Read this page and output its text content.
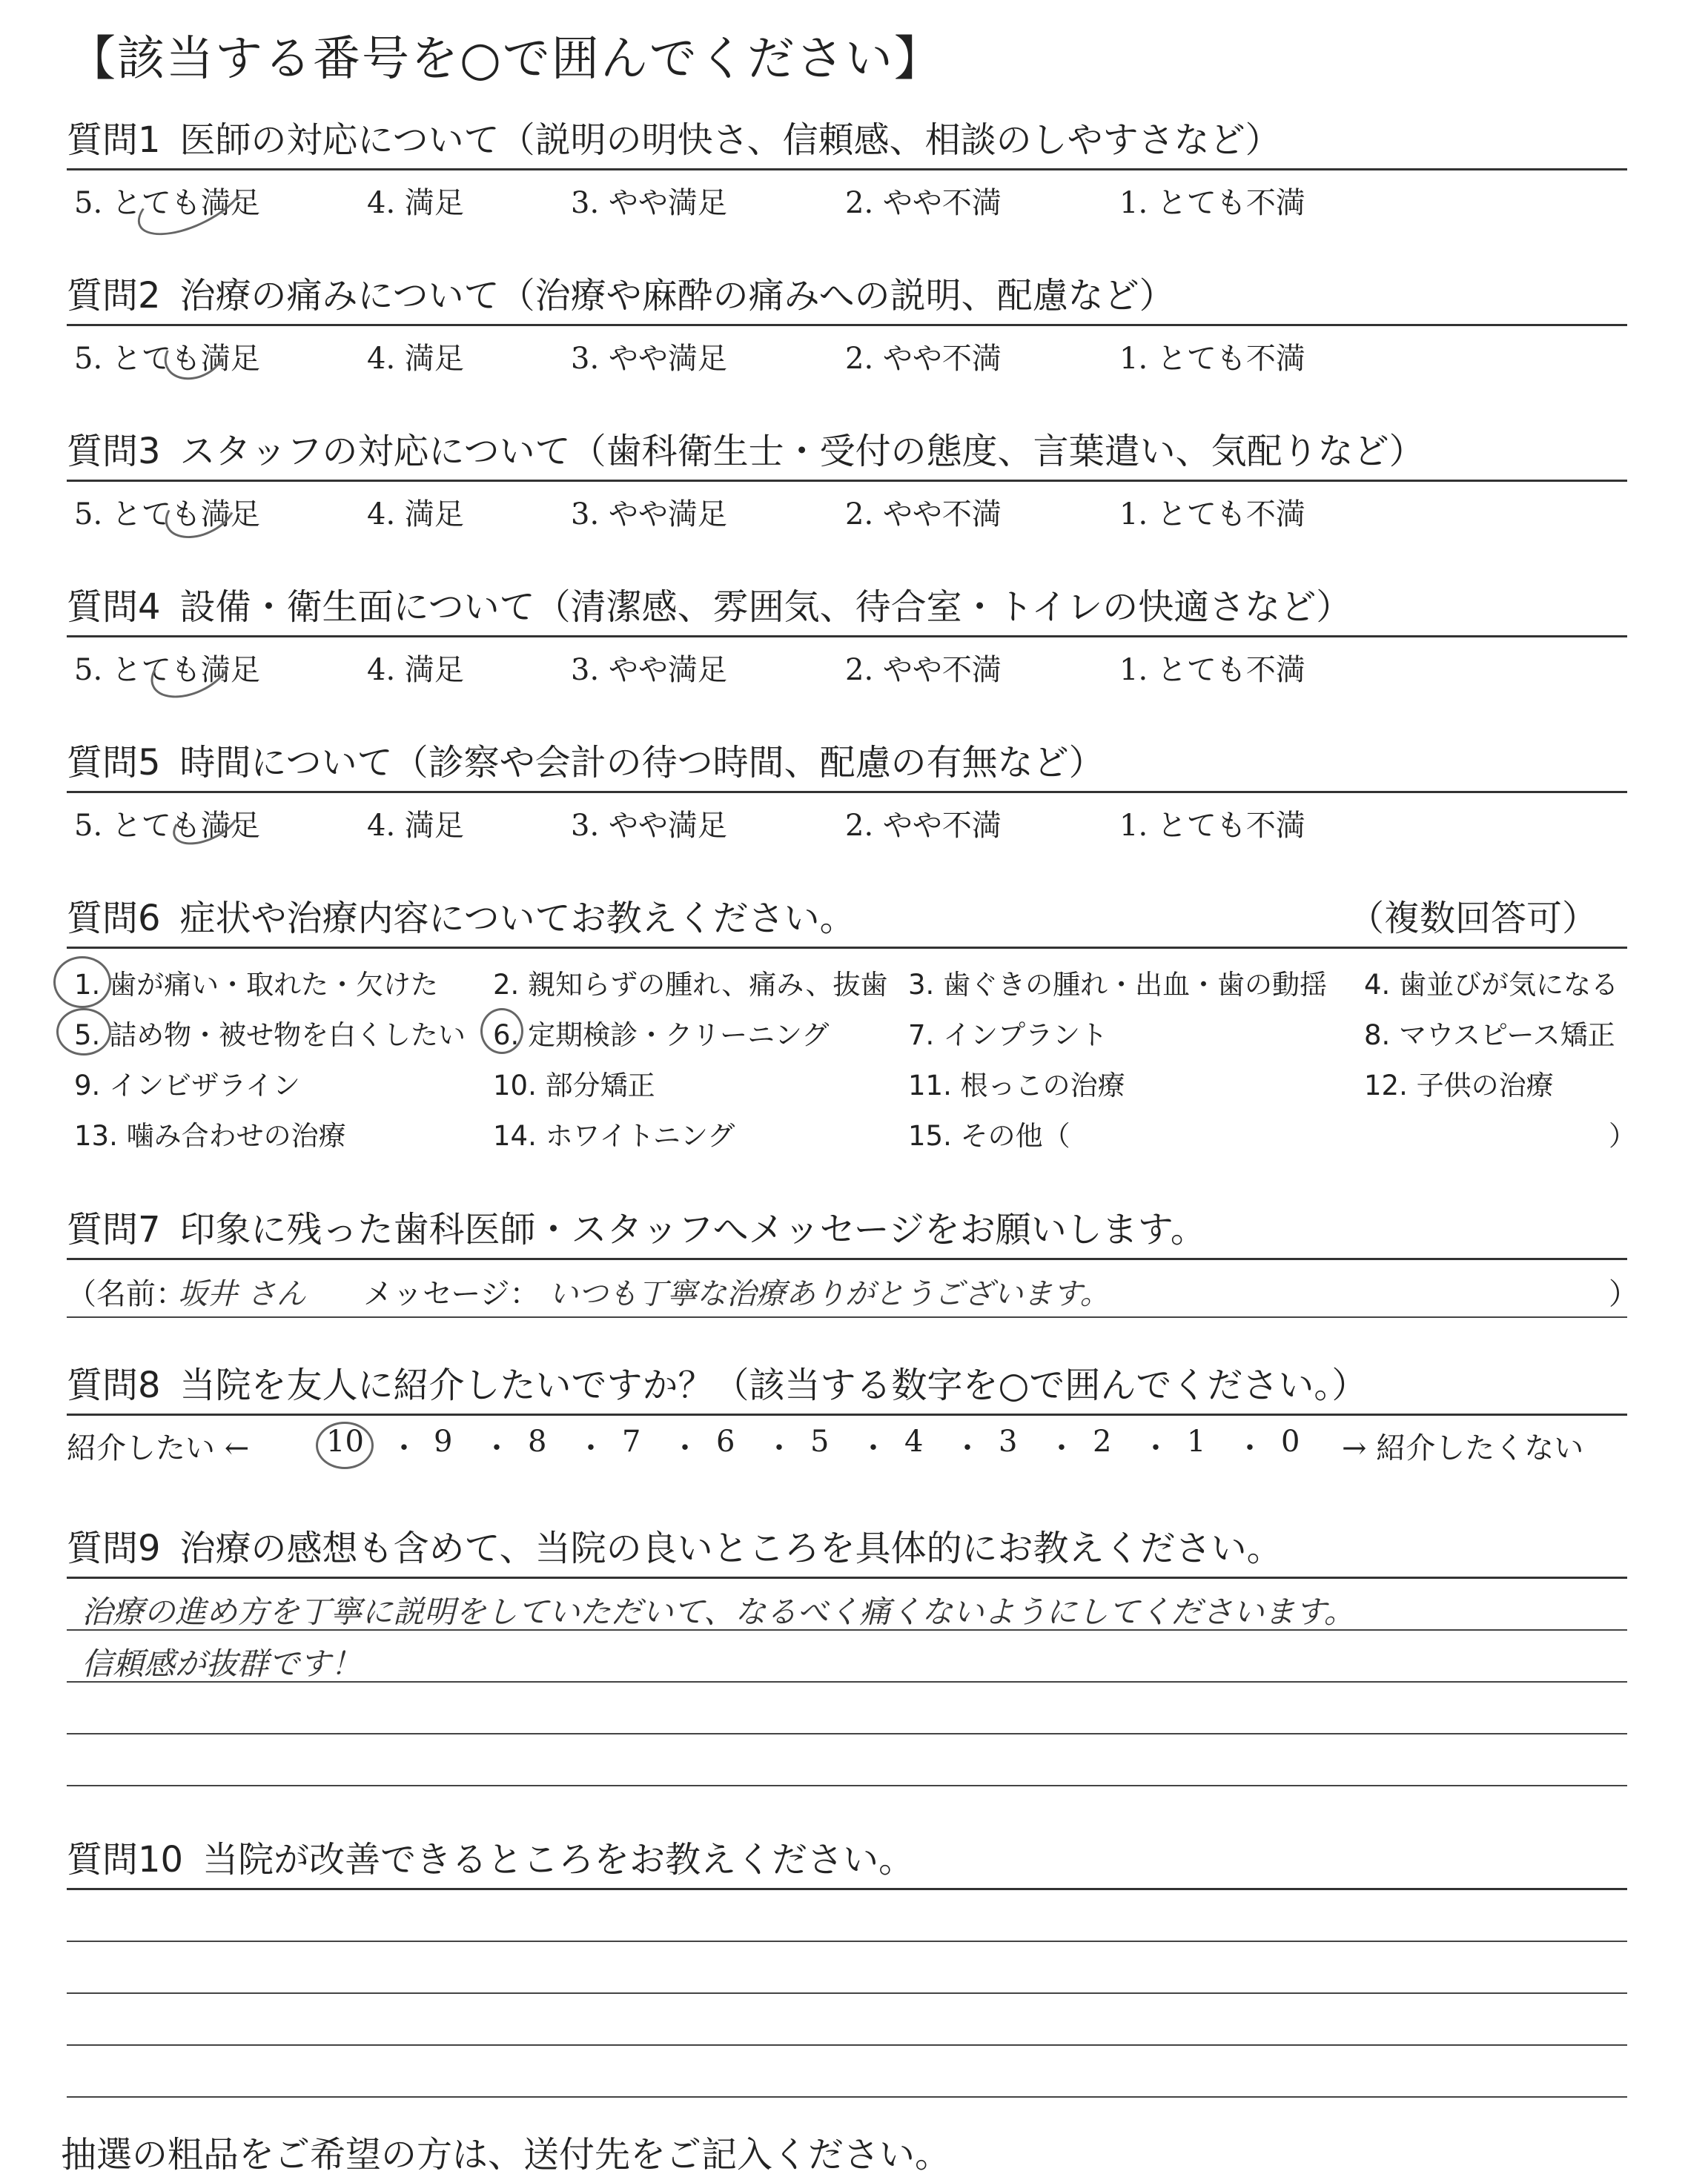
【該当する番号を○で囲んでください】
質問1 医師の対応について（説明の明快さ、信頼感、相談のしやすさなど）
5. とても満足	4. 満足	3. やや満足	2. やや不満	1. とても不満
質問2 治療の痛みについて（治療や麻酔の痛みへの説明、配慮など）
5. とても満足	4. 満足	3. やや満足	2. やや不満	1. とても不満
質問3 スタッフの対応について（歯科衛生士・受付の態度、言葉遣い、気配りなど）
5. とても満足	4. 満足	3. やや満足	2. やや不満	1. とても不満
質問4 設備・衛生面について（清潔感、雰囲気、待合室・トイレの快適さなど）
5. とても満足	4. 満足	3. やや満足	2. やや不満	1. とても不満
質問5 時間について（診察や会計の待つ時間、配慮の有無など）
5. とても満足	4. 満足	3. やや満足	2. やや不満	1. とても不満
質問6 症状や治療内容についてお教えください。	（複数回答可）
1. 歯が痛い・取れた・欠けた 2. 親知らずの腫れ、痛み、抜歯 3. 歯ぐきの腫れ・出血・歯の動揺 4. 歯並びが気になる
5. 詰め物・被せ物を白くしたい 6. 定期検診・クリーニング	7. インプラント	8. マウスピース矯正
9. インビザライン	10. 部分矯正	11. 根っこの治療	12. 子供の治療
13. 噛み合わせの治療	14. ホワイトニング	15. その他（	）
質問7 印象に残った歯科医師・スタッフへメッセージをお願いします。
（名前：
坂井 さん メッセージ： いつも丁寧な治療ありがとうございます。	）
質問8 当院を友人に紹介したいですか？（該当する数字を○で囲んでください。）
紹介したい ←	10 ・ 9 ・ 8 ・ 7 ・ 6 ・ 5 ・ 4 ・ 3 ・ 2 ・ 1 ・ 0 → 紹介したくない
質問9 治療の感想も含めて、当院の良いところを具体的にお教えください。
治療の進め方を丁寧に説明をしていただいて、なるべく痛くないようにしてくださいます。
信頼感が抜群です！
質問10 当院が改善できるところをお教えください。
抽選の粗品をご希望の方は、送付先をご記入ください。
